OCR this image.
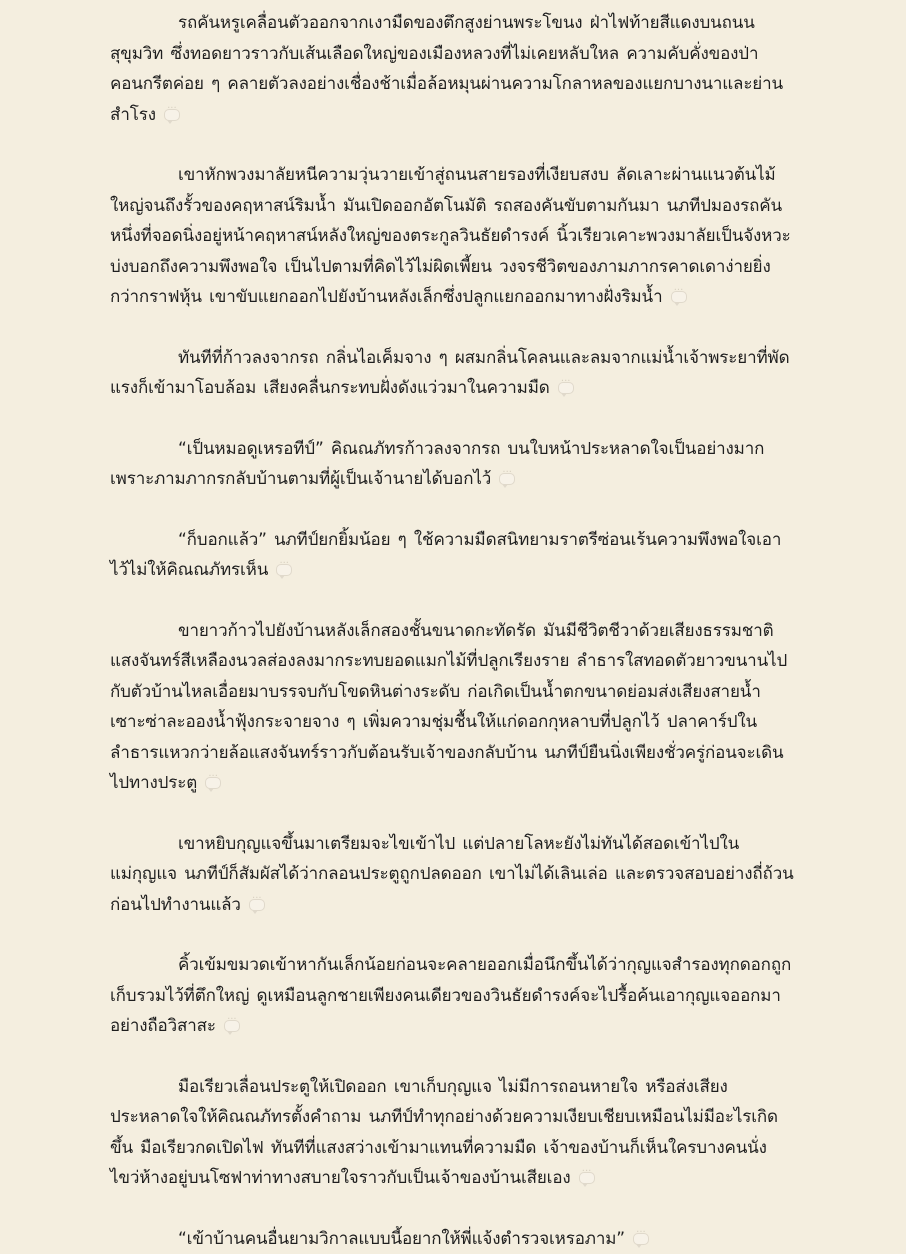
รถคันหรูเคลื่อนตัวออกจากเงามืดของตึกสูงย่านพระโขนง ฝ่าไฟท้ายสีแดงบนถนนสุขุมวิท ซึ่งทอดยาวราวกับเส้นเลือดใหญ่ของเมืองหลวงที่ไม่เคยหลับใหล ความคับคั่งของป่าคอนกรีตค่อย ๆ คลายตัวลงอย่างเชื่องช้าเมื่อล้อหมุนผ่านความโกลาหลของแยกบางนาและย่านสำโรง···

เขาหักพวงมาลัยหนีความวุ่นวายเข้าสู่ถนนสายรองที่เงียบสงบ ลัดเลาะผ่านแนวต้นไม้ใหญ่จนถึงรั้วของคฤหาสน์ริมน้ำ มันเปิดออกอัตโนมัติ รถสองคันขับตามกันมา นภทีปมองรถคันหนึ่งที่จอดนิ่งอยู่หน้าคฤหาสน์หลังใหญ่ของตระกูลวินธัยดำรงค์ นิ้วเรียวเคาะพวงมาลัยเป็นจังหวะบ่งบอกถึงความพึงพอใจ เป็นไปตามที่คิดไว้ไม่ผิดเพี้ยน วงจรชีวิตของภามภากรคาดเดาง่ายยิ่งกว่ากราฟหุ้น เขาขับแยกออกไปยังบ้านหลังเล็กซึ่งปลูกแยกออกมาทางฝั่งริมน้ำ···

ทันทีที่ก้าวลงจากรถ กลิ่นไอเค็มจาง ๆ ผสมกลิ่นโคลนและลมจากแม่น้ำเจ้าพระยาที่พัดแรงก็เข้ามาโอบล้อม เสียงคลื่นกระทบฝั่งดังแว่วมาในความมืด···

“เป็นหมอดูเหรอทีป์” คิณณภัทรก้าวลงจากรถ บนใบหน้าประหลาดใจเป็นอย่างมากเพราะภามภากรกลับบ้านตามที่ผู้เป็นเจ้านายได้บอกไว้···

“ก็บอกแล้ว” นภทีป์ยกยิ้มน้อย ๆ ใช้ความมืดสนิทยามราตรีซ่อนเร้นความพึงพอใจเอาไว้ไม่ให้คิณณภัทรเห็น···

ขายาวก้าวไปยังบ้านหลังเล็กสองชั้นขนาดกะทัดรัด มันมีชีวิตชีวาด้วยเสียงธรรมชาติ แสงจันทร์สีเหลืองนวลส่องลงมากระทบยอดแมกไม้ที่ปลูกเรียงราย ลำธารใสทอดตัวยาวขนานไปกับตัวบ้านไหลเอื่อยมาบรรจบกับโขดหินต่างระดับ ก่อเกิดเป็นน้ำตกขนาดย่อมส่งเสียงสายน้ำเซาะซ่าละอองน้ำฟุ้งกระจายจาง ๆ เพิ่มความชุ่มชื้นให้แก่ดอกกุหลาบที่ปลูกไว้ ปลาคาร์ปในลำธารแหวกว่ายล้อแสงจันทร์ราวกับต้อนรับเจ้าของกลับบ้าน นภทีป์ยืนนิ่งเพียงชั่วครู่ก่อนจะเดินไปทางประตู···

เขาหยิบกุญแจขึ้นมาเตรียมจะไขเข้าไป แต่ปลายโลหะยังไม่ทันได้สอดเข้าไปในแม่กุญแจ นภทีป์ก็สัมผัสได้ว่ากลอนประตูถูกปลดออก เขาไม่ได้เลินเล่อ และตรวจสอบอย่างถี่ถ้วนก่อนไปทำงานแล้ว···

คิ้วเข้มขมวดเข้าหากันเล็กน้อยก่อนจะคลายออกเมื่อนึกขึ้นได้ว่ากุญแจสำรองทุกดอกถูกเก็บรวมไว้ที่ตึกใหญ่ ดูเหมือนลูกชายเพียงคนเดียวของวินธัยดำรงค์จะไปรื้อค้นเอากุญแจออกมาอย่างถือวิสาสะ···

มือเรียวเลื่อนประตูให้เปิดออก เขาเก็บกุญแจ ไม่มีการถอนหายใจ หรือส่งเสียงประหลาดใจให้คิณณภัทรตั้งคำถาม นภทีป์ทำทุกอย่างด้วยความเงียบเชียบเหมือนไม่มีอะไรเกิดขึ้น มือเรียวกดเปิดไฟ ทันทีที่แสงสว่างเข้ามาแทนที่ความมืด เจ้าของบ้านก็เห็นใครบางคนนั่งไขว่ห้างอยู่บนโซฟาท่าทางสบายใจราวกับเป็นเจ้าของบ้านเสียเอง···

“เข้าบ้านคนอื่นยามวิกาลแบบนี้อยากให้พี่แจ้งตำรวจเหรอภาม”···
